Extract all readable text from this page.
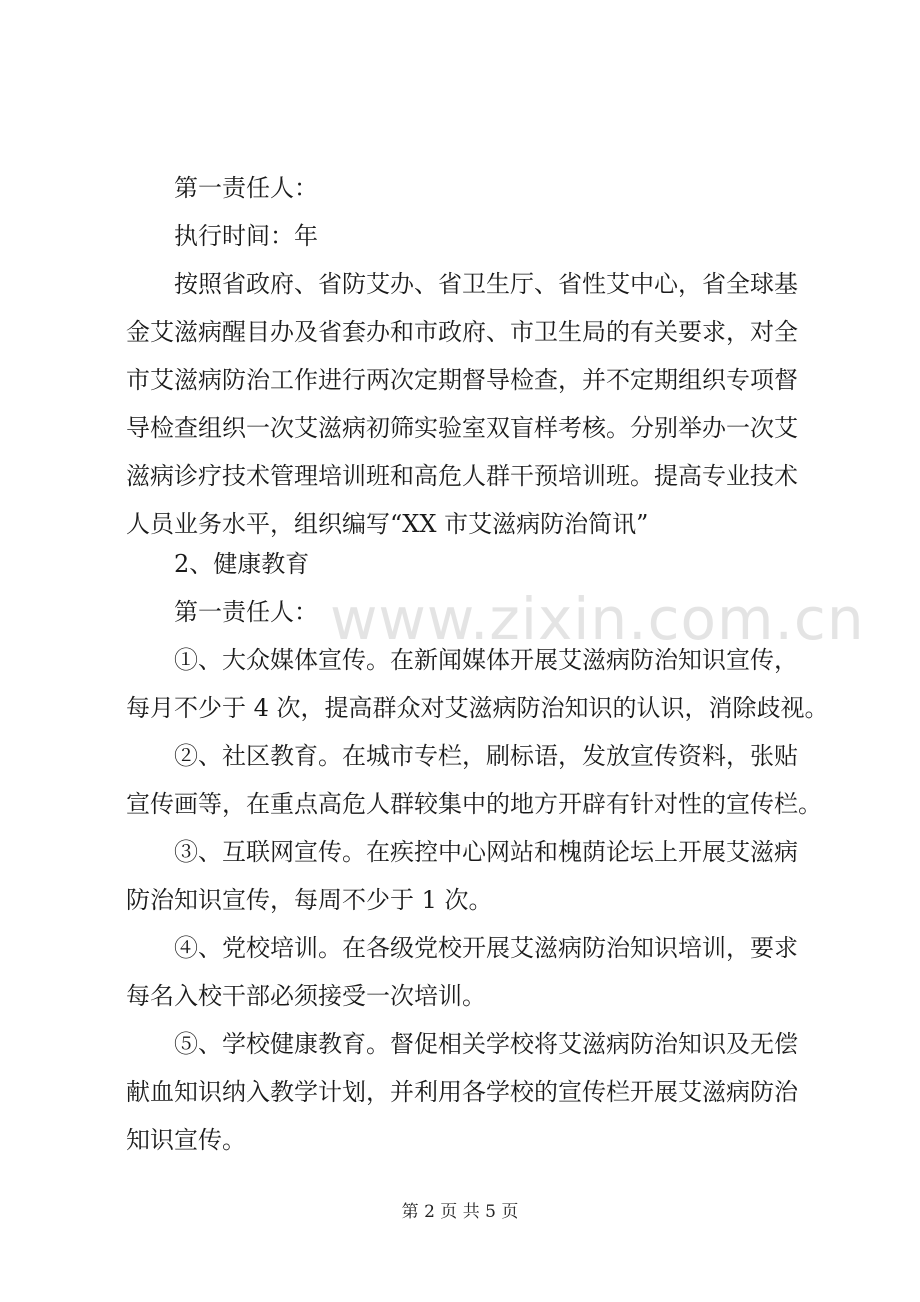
www.zixin.com.cn
第一责任人：
执行时间：年
按照省政府、省防艾办、省卫生厅、省性艾中心，省全球基
金艾滋病醒目办及省套办和市政府、市卫生局的有关要求，对全
市艾滋病防治工作进行两次定期督导检查，并不定期组织专项督
导检查组织一次艾滋病初筛实验室双盲样考核。分别举办一次艾
滋病诊疗技术管理培训班和高危人群干预培训班。提高专业技术
人员业务水平，组织编写“XX 市艾滋病防治简讯”
2、健康教育
第一责任人：
①、大众媒体宣传。在新闻媒体开展艾滋病防治知识宣传，
每月不少于 4 次，提高群众对艾滋病防治知识的认识，消除歧视。
②、社区教育。在城市专栏，刷标语，发放宣传资料，张贴
宣传画等，在重点高危人群较集中的地方开辟有针对性的宣传栏。
③、互联网宣传。在疾控中心网站和槐荫论坛上开展艾滋病
防治知识宣传，每周不少于 1 次。
④、党校培训。在各级党校开展艾滋病防治知识培训，要求
每名入校干部必须接受一次培训。
⑤、学校健康教育。督促相关学校将艾滋病防治知识及无偿
献血知识纳入教学计划，并利用各学校的宣传栏开展艾滋病防治
知识宣传。
第 2 页 共 5 页
